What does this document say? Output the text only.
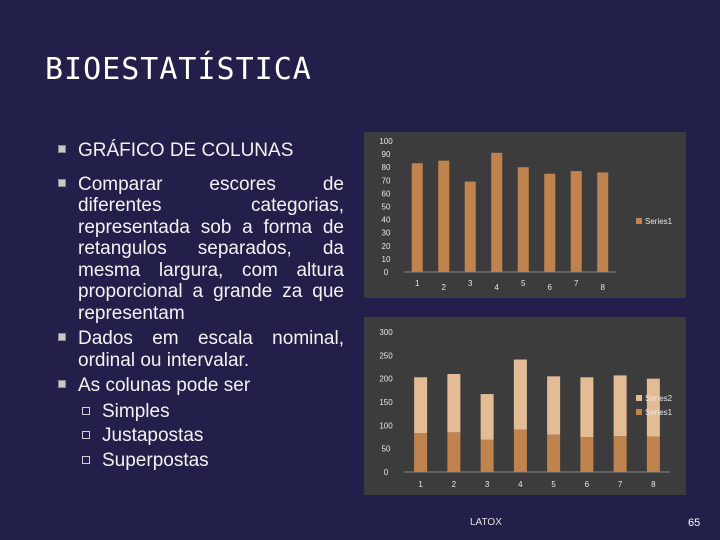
BIOESTATÍSTICA
GRÁFICO DE COLUNAS
Comparar escores de diferentes categorias, representada sob a forma de retangulos separados, da mesma largura, com altura proporcional a grande za que representam
Dados em escala nominal, ordinal ou intervalar.
As colunas pode ser
Simples
Justapostas
Superpostas
100
90
80
70
60
50
40
30
20
10
0
1	2	3	4	5	6	7	8
Series1
300
250
200
150
100
50
0
1	2	3	4	5	6	7	8
Series2
Series1
LATOX	65
